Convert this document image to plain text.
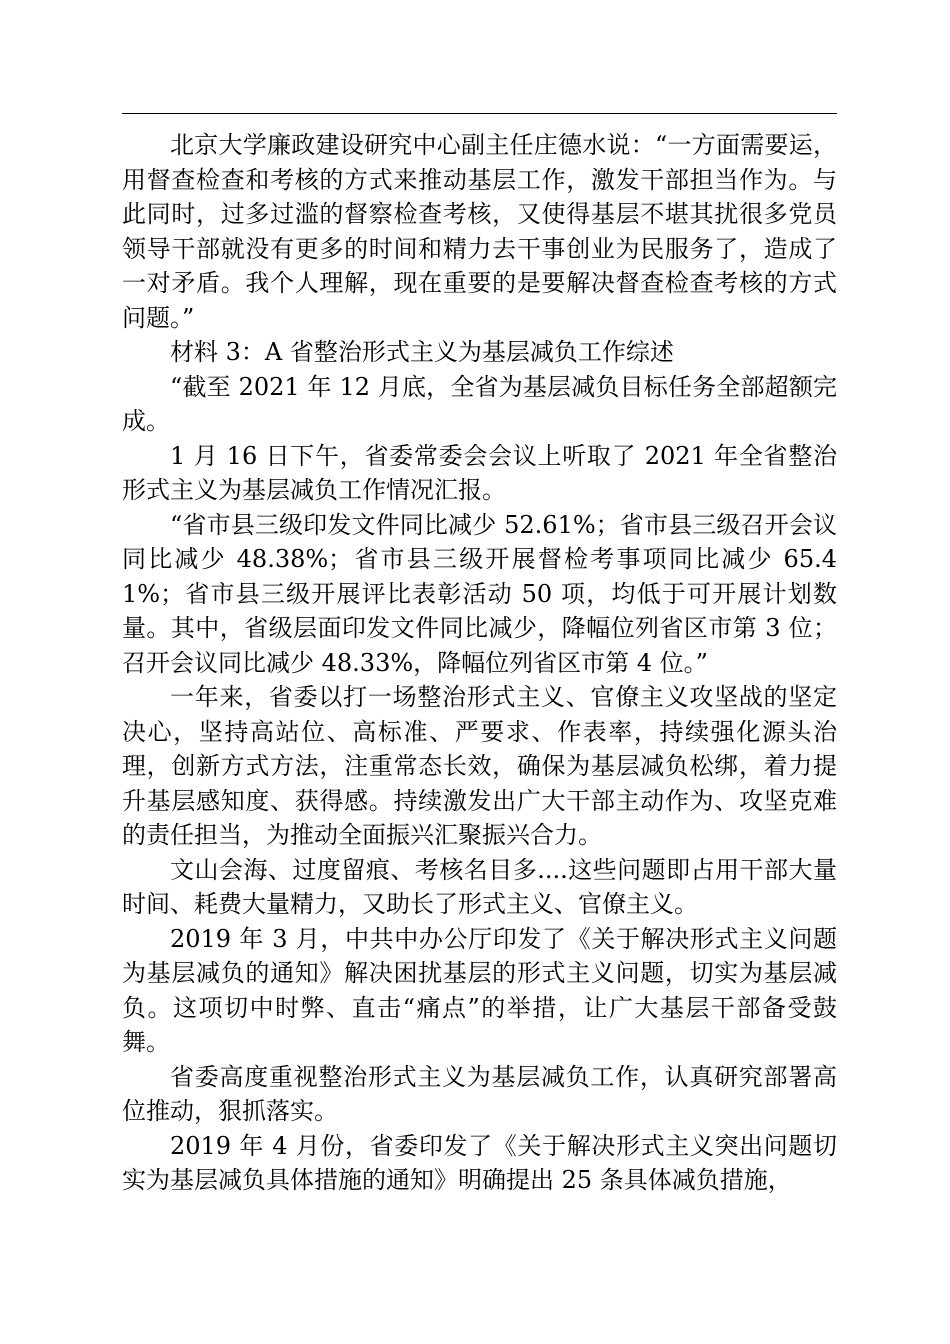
北京大学廉政建设研究中心副主任庄德水说：“一方面需要运，用督查检查和考核的方式来推动基层工作，激发干部担当作为。与此同时，过多过滥的督察检查考核，又使得基层不堪其扰很多党员领导干部就没有更多的时间和精力去干事创业为民服务了，造成了一对矛盾。我个人理解，现在重要的是要解决督查检查考核的方式问题。”

材料 3：A 省整治形式主义为基层减负工作综述

“截至 2021 年 12 月底，全省为基层减负目标任务全部超额完成。

1 月 16 日下午，省委常委会会议上听取了 2021 年全省整治形式主义为基层减负工作情况汇报。

“省市县三级印发文件同比减少 52.61%；省市县三级召开会议同比减少 48.38%；省市县三级开展督检考事项同比减少 65.41%；省市县三级开展评比表彰活动 50 项，均低于可开展计划数量。其中，省级层面印发文件同比减少，降幅位列省区市第 3 位；召开会议同比减少 48.33%，降幅位列省区市第 4 位。”

一年来，省委以打一场整治形式主义、官僚主义攻坚战的坚定决心，坚持高站位、高标准、严要求、作表率，持续强化源头治理，创新方式方法，注重常态长效，确保为基层减负松绑，着力提升基层感知度、获得感。持续激发出广大干部主动作为、攻坚克难的责任担当，为推动全面振兴汇聚振兴合力。

文山会海、过度留痕、考核名目多....这些问题即占用干部大量时间、耗费大量精力，又助长了形式主义、官僚主义。

2019 年 3 月，中共中办公厅印发了《关于解决形式主义问题为基层减负的通知》解决困扰基层的形式主义问题，切实为基层减负。这项切中时弊、直击“痛点”的举措，让广大基层干部备受鼓舞。

省委高度重视整治形式主义为基层减负工作，认真研究部署高位推动，狠抓落实。

2019 年 4 月份，省委印发了《关于解决形式主义突出问题切实为基层减负具体措施的通知》明确提出 25 条具体减负措施，
